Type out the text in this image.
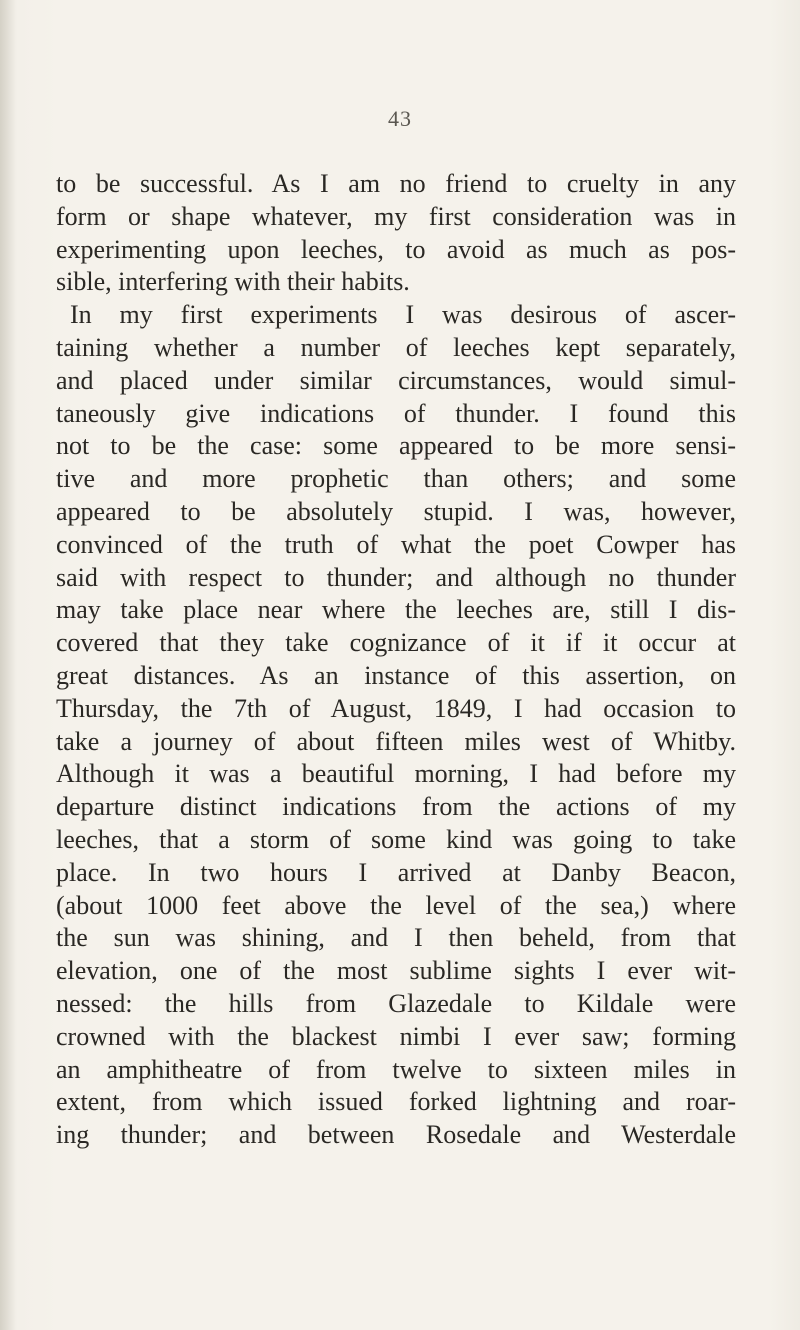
43
to be successful. As I am no friend to cruelty in any
form or shape whatever, my first consideration was in
experimenting upon leeches, to avoid as much as pos-
sible, interfering with their habits.
In my first experiments I was desirous of ascer-
taining whether a number of leeches kept separately,
and placed under similar circumstances, would simul-
taneously give indications of thunder. I found this
not to be the case: some appeared to be more sensi-
tive and more prophetic than others; and some
appeared to be absolutely stupid. I was, however,
convinced of the truth of what the poet Cowper has
said with respect to thunder; and although no thunder
may take place near where the leeches are, still I dis-
covered that they take cognizance of it if it occur at
great distances. As an instance of this assertion, on
Thursday, the 7th of August, 1849, I had occasion to
take a journey of about fifteen miles west of Whitby.
Although it was a beautiful morning, I had before my
departure distinct indications from the actions of my
leeches, that a storm of some kind was going to take
place. In two hours I arrived at Danby Beacon,
(about 1000 feet above the level of the sea,) where
the sun was shining, and I then beheld, from that
elevation, one of the most sublime sights I ever wit-
nessed: the hills from Glazedale to Kildale were
crowned with the blackest nimbi I ever saw; forming
an amphitheatre of from twelve to sixteen miles in
extent, from which issued forked lightning and roar-
ing thunder; and between Rosedale and Westerdale
